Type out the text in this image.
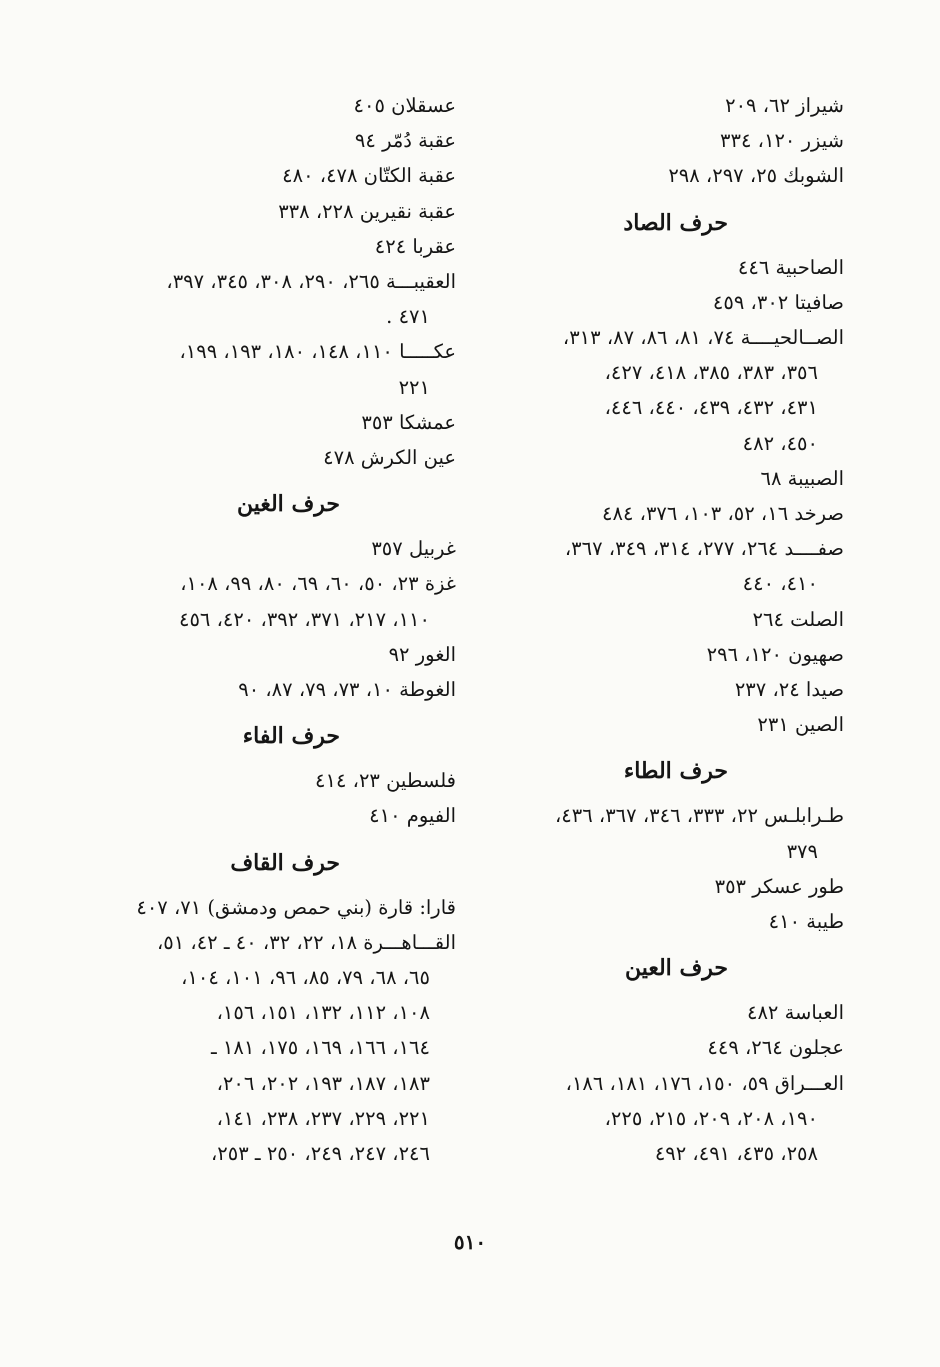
شيراز ٦٢، ٢٠٩
شيزر ١٢٠، ٣٣٤
الشوبك ٢٥، ٢٩٧، ٢٩٨
حرف الصاد
الصاحبية ٤٤٦
صافيتا ٣٠٢، ٤٥٩
الصــالحيــــة ٧٤، ٨١، ٨٦، ٨٧، ٣١٣،
٣٥٦، ٣٨٣، ٣٨٥، ٤١٨، ٤٢٧،
٤٣١، ٤٣٢، ٤٣٩، ٤٤٠، ٤٤٦،
٤٥٠، ٤٨٢
الصبيبة ٦٨
صرخد ١٦، ٥٢، ١٠٣، ٣٧٦، ٤٨٤
صفــــد ٢٦٤، ٢٧٧، ٣١٤، ٣٤٩، ٣٦٧،
٤١٠، ٤٤٠
الصلت ٢٦٤
صهيون ١٢٠، ٢٩٦
صيدا ٢٤، ٢٣٧
الصين ٢٣١
حرف الطاء
طـرابلـس ٢٢، ٣٣٣، ٣٤٦، ٣٦٧، ٤٣٦،
٣٧٩
طور عسكر ٣٥٣
طيبة ٤١٠
حرف العين
العباسة ٤٨٢
عجلون ٢٦٤، ٤٤٩
العـــراق ٥٩، ١٥٠، ١٧٦، ١٨١، ١٨٦،
١٩٠، ٢٠٨، ٢٠٩، ٢١٥، ٢٢٥،
٢٥٨، ٤٣٥، ٤٩١، ٤٩٢
عسقلان ٤٠٥
عقبة دُمّر ٩٤
عقبة الكتّان ٤٧٨، ٤٨٠
عقبة نقيرين ٢٢٨، ٣٣٨
عقربا ٤٢٤
العقيبـــة ٢٦٥، ٢٩٠، ٣٠٨، ٣٤٥، ٣٩٧،
٤٧١ .
عكـــــا ١١٠، ١٤٨، ١٨٠، ١٩٣، ١٩٩،
٢٢١
عمشكا ٣٥٣
عين الكرش ٤٧٨
حرف الغين
غربيل ٣٥٧
غزة ٢٣، ٥٠، ٦٠، ٦٩، ٨٠، ٩٩، ١٠٨،
١١٠، ٢١٧، ٣٧١، ٣٩٢، ٤٢٠، ٤٥٦
الغور ٩٢
الغوطة ١٠، ٧٣، ٧٩، ٨٧، ٩٠
حرف الفاء
فلسطين ٢٣، ٤١٤
الفيوم ٤١٠
حرف القاف
قارا: قارة (بني حمص ودمشق) ٧١، ٤٠٧
القـــاهـــرة ١٨، ٢٢، ٣٢، ٤٠ ـ ٤٢، ٥١،
٦٥، ٦٨، ٧٩، ٨٥، ٩٦، ١٠١، ١٠٤،
١٠٨، ١١٢، ١٣٢، ١٥١، ١٥٦،
١٦٤، ١٦٦، ١٦٩، ١٧٥، ١٨١ ـ
١٨٣، ١٨٧، ١٩٣، ٢٠٢، ٢٠٦،
٢٢١، ٢٢٩، ٢٣٧، ٢٣٨، ١٤١،
٢٤٦، ٢٤٧، ٢٤٩، ٢٥٠ ـ ٢٥٣،
٥١٠
